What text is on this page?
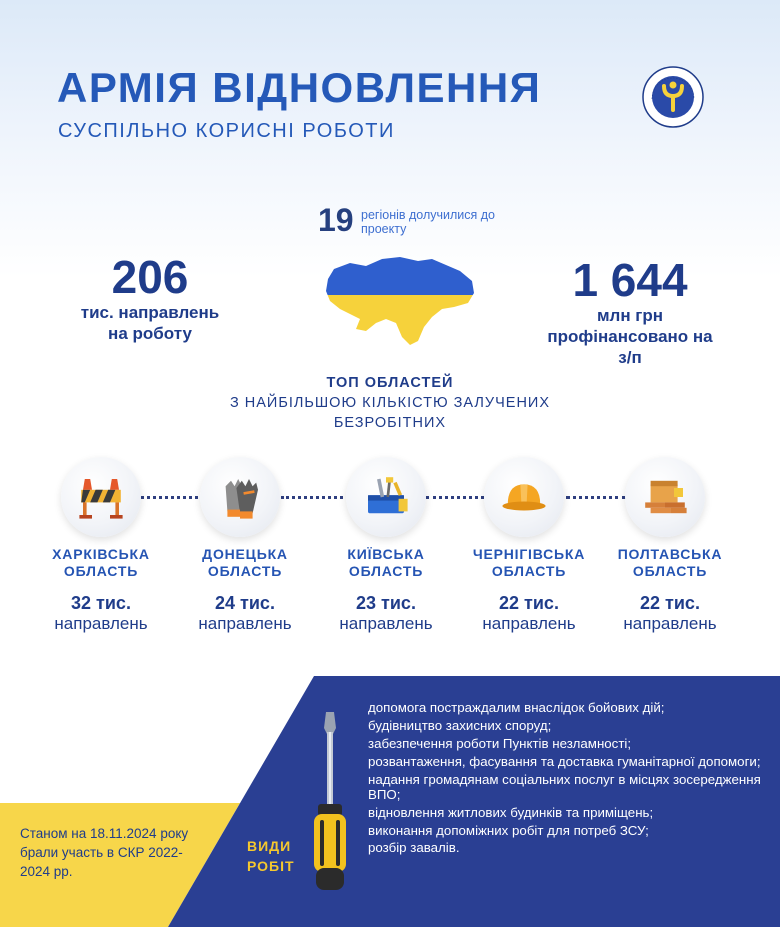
АРМІЯ ВІДНОВЛЕННЯ
СУСПІЛЬНО КОРИСНІ РОБОТИ
19 регіонів долучилися до проекту
206
тис. направлень на роботу
1 644
млн грн профінансовано на з/п
ТОП ОБЛАСТЕЙ
З НАЙБІЛЬШОЮ КІЛЬКІСТЮ ЗАЛУЧЕНИХ БЕЗРОБІТНИХ
ХАРКІВСЬКА ОБЛАСТЬ
32 тис.
направлень
ДОНЕЦЬКА ОБЛАСТЬ
24 тис.
направлень
КИЇВСЬКА ОБЛАСТЬ
23 тис.
направлень
ЧЕРНІГІВСЬКА ОБЛАСТЬ
22 тис.
направлень
ПОЛТАВСЬКА ОБЛАСТЬ
22 тис.
направлень
Станом на 18.11.2024 року брали участь в СКР 2022-2024 рр.
ВИДИ РОБІТ
допомога постраждалим внаслідок бойових дій;
будівництво захисних споруд;
забезпечення роботи Пунктів незламності;
розвантаження, фасування та доставка гуманітарної допомоги;
надання громадянам соціальних послуг в місцях зосередження ВПО;
відновлення житлових будинків та приміщень;
виконання допоміжних робіт для потреб ЗСУ;
розбір завалів.
